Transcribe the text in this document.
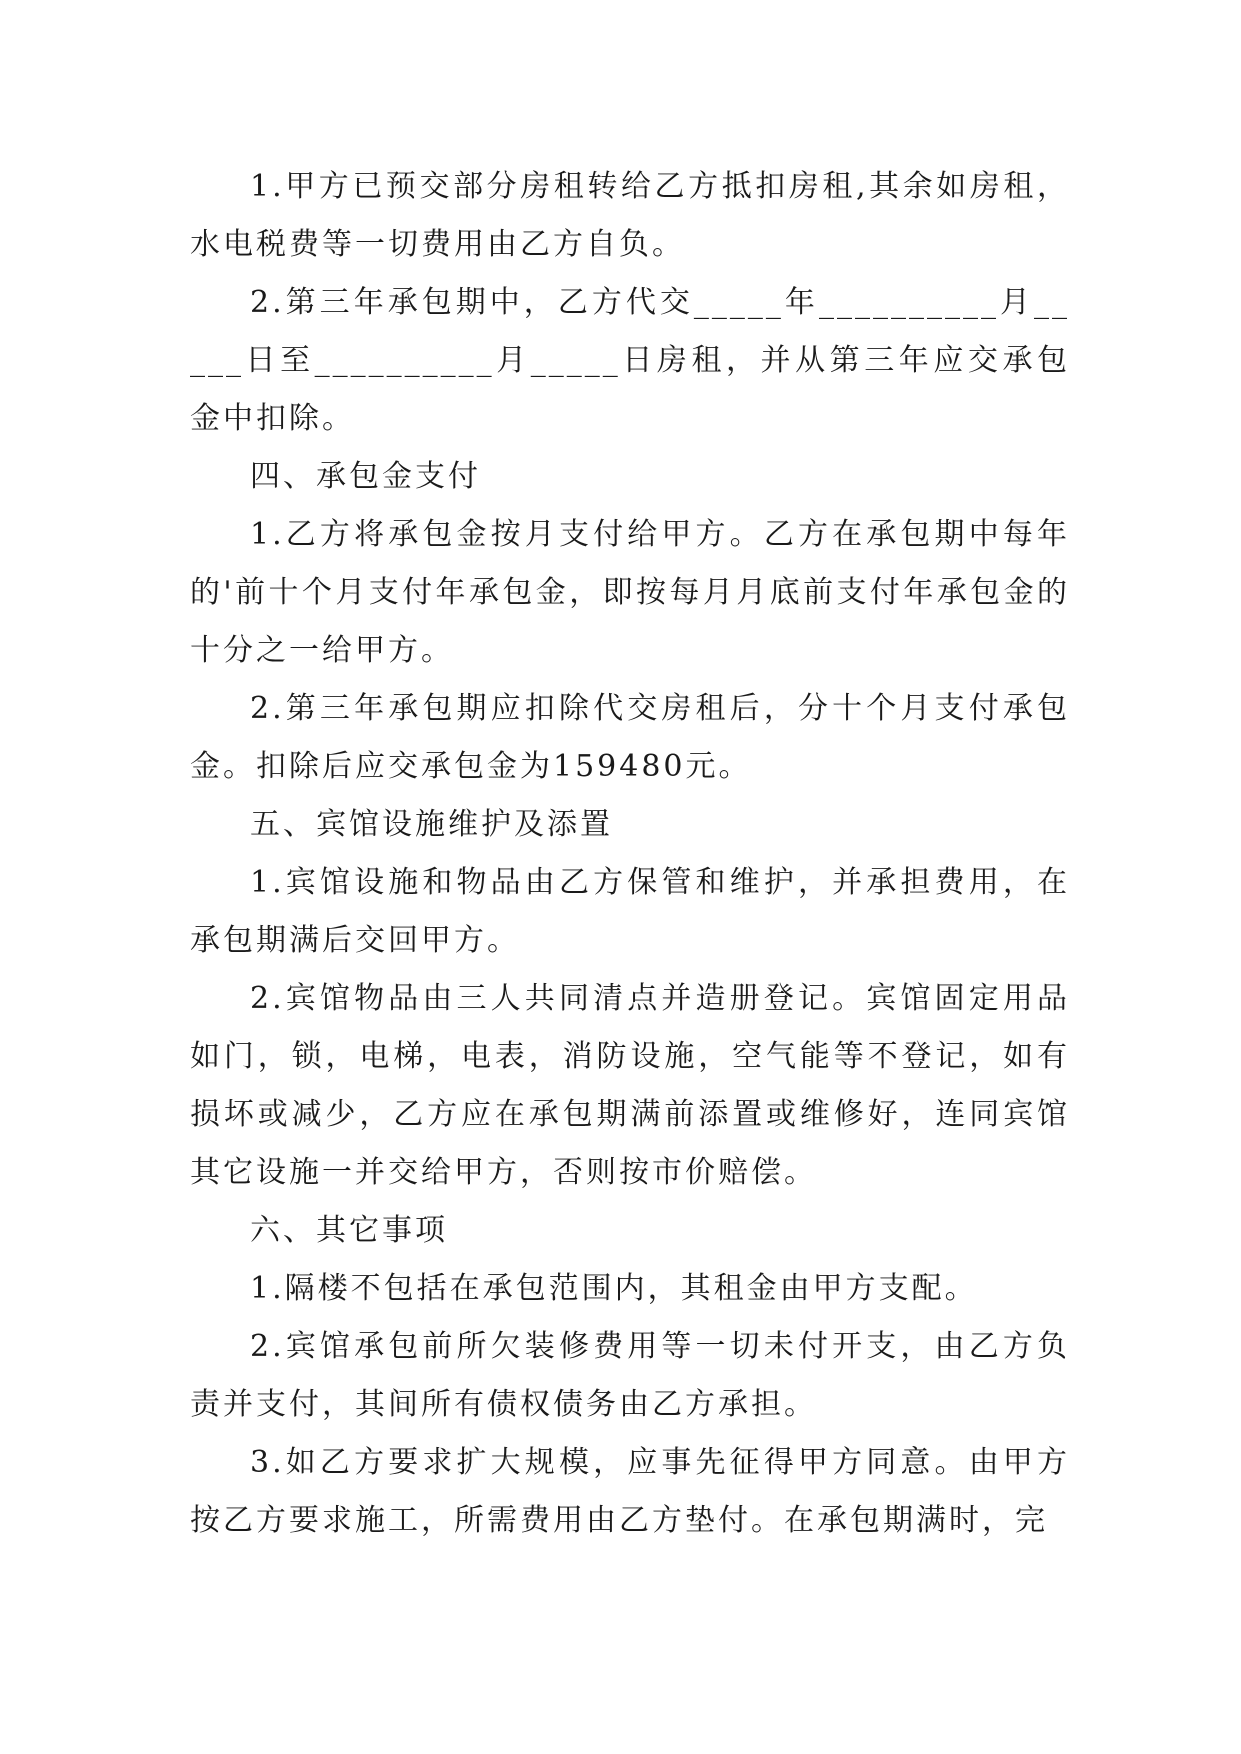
1.甲方已预交部分房租转给乙方抵扣房租,其余如房租，水电税费等一切费用由乙方自负。

2.第三年承包期中，乙方代交_____年__________月_____日至__________月_____日房租，并从第三年应交承包金中扣除。

四、承包金支付

1.乙方将承包金按月支付给甲方。乙方在承包期中每年的'前十个月支付年承包金，即按每月月底前支付年承包金的十分之一给甲方。

2.第三年承包期应扣除代交房租后，分十个月支付承包金。扣除后应交承包金为159480元。

五、宾馆设施维护及添置

1.宾馆设施和物品由乙方保管和维护，并承担费用，在承包期满后交回甲方。

2.宾馆物品由三人共同清点并造册登记。宾馆固定用品如门，锁，电梯，电表，消防设施，空气能等不登记，如有损坏或减少，乙方应在承包期满前添置或维修好，连同宾馆其它设施一并交给甲方，否则按市价赔偿。

六、其它事项

1.隔楼不包括在承包范围内，其租金由甲方支配。

2.宾馆承包前所欠装修费用等一切未付开支，由乙方负责并支付，其间所有债权债务由乙方承担。

3.如乙方要求扩大规模，应事先征得甲方同意。由甲方按乙方要求施工，所需费用由乙方垫付。在承包期满时，完
